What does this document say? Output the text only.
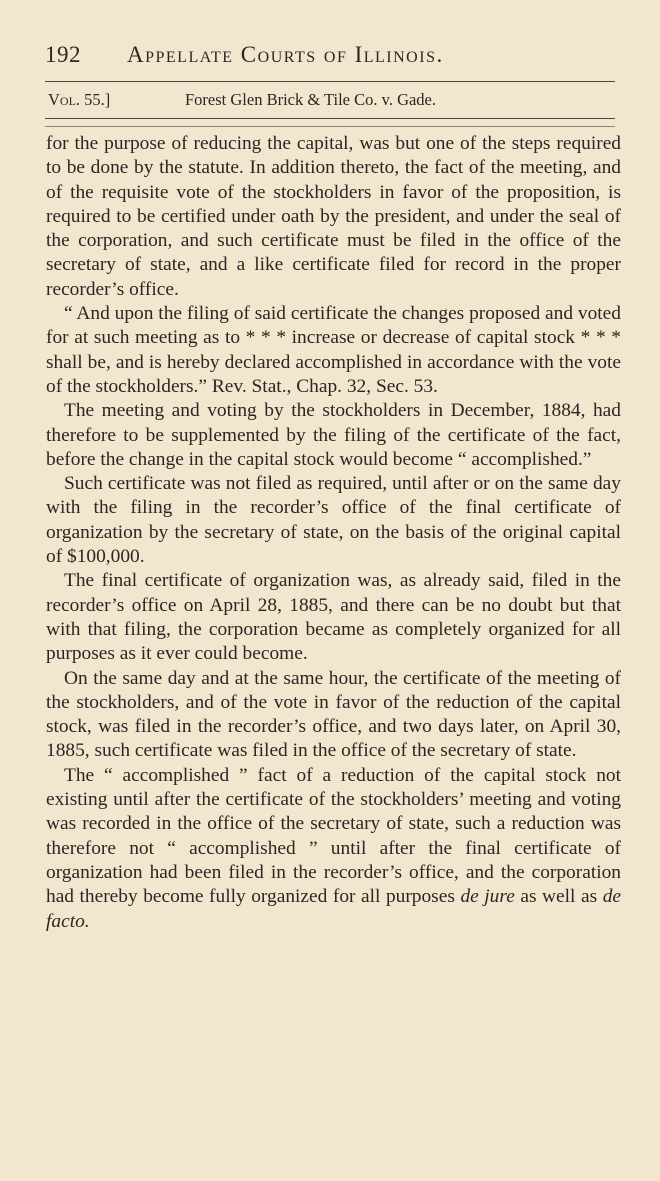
192 Appellate Courts of Illinois.
Vol. 55.]	Forest Glen Brick & Tile Co. v. Gade.

for the purpose of reducing the capital, was but one of the steps required to be done by the statute. In addition thereto, the fact of the meeting, and of the requisite vote of the stockholders in favor of the proposition, is required to be certified under oath by the president, and under the seal of the corporation, and such certificate must be filed in the office of the secretary of state, and a like certificate filed for record in the proper recorder’s office.

“ And upon the filing of said certificate the changes proposed and voted for at such meeting as to * * * increase or decrease of capital stock * * * shall be, and is hereby declared accomplished in accordance with the vote of the stockholders.” Rev. Stat., Chap. 32, Sec. 53.

The meeting and voting by the stockholders in December, 1884, had therefore to be supplemented by the filing of the certificate of the fact, before the change in the capital stock would become “ accomplished.”

Such certificate was not filed as required, until after or on the same day with the filing in the recorder’s office of the final certificate of organization by the secretary of state, on the basis of the original capital of $100,000.

The final certificate of organization was, as already said, filed in the recorder’s office on April 28, 1885, and there can be no doubt but that with that filing, the corporation became as completely organized for all purposes as it ever could become.

On the same day and at the same hour, the certificate of the meeting of the stockholders, and of the vote in favor of the reduction of the capital stock, was filed in the recorder’s office, and two days later, on April 30, 1885, such certificate was filed in the office of the secretary of state.

The “ accomplished ” fact of a reduction of the capital stock not existing until after the certificate of the stockholders’ meeting and voting was recorded in the office of the secretary of state, such a reduction was therefore not “ accomplished ” until after the final certificate of organization had been filed in the recorder’s office, and the corporation had thereby become fully organized for all purposes de jure as well as de facto.
